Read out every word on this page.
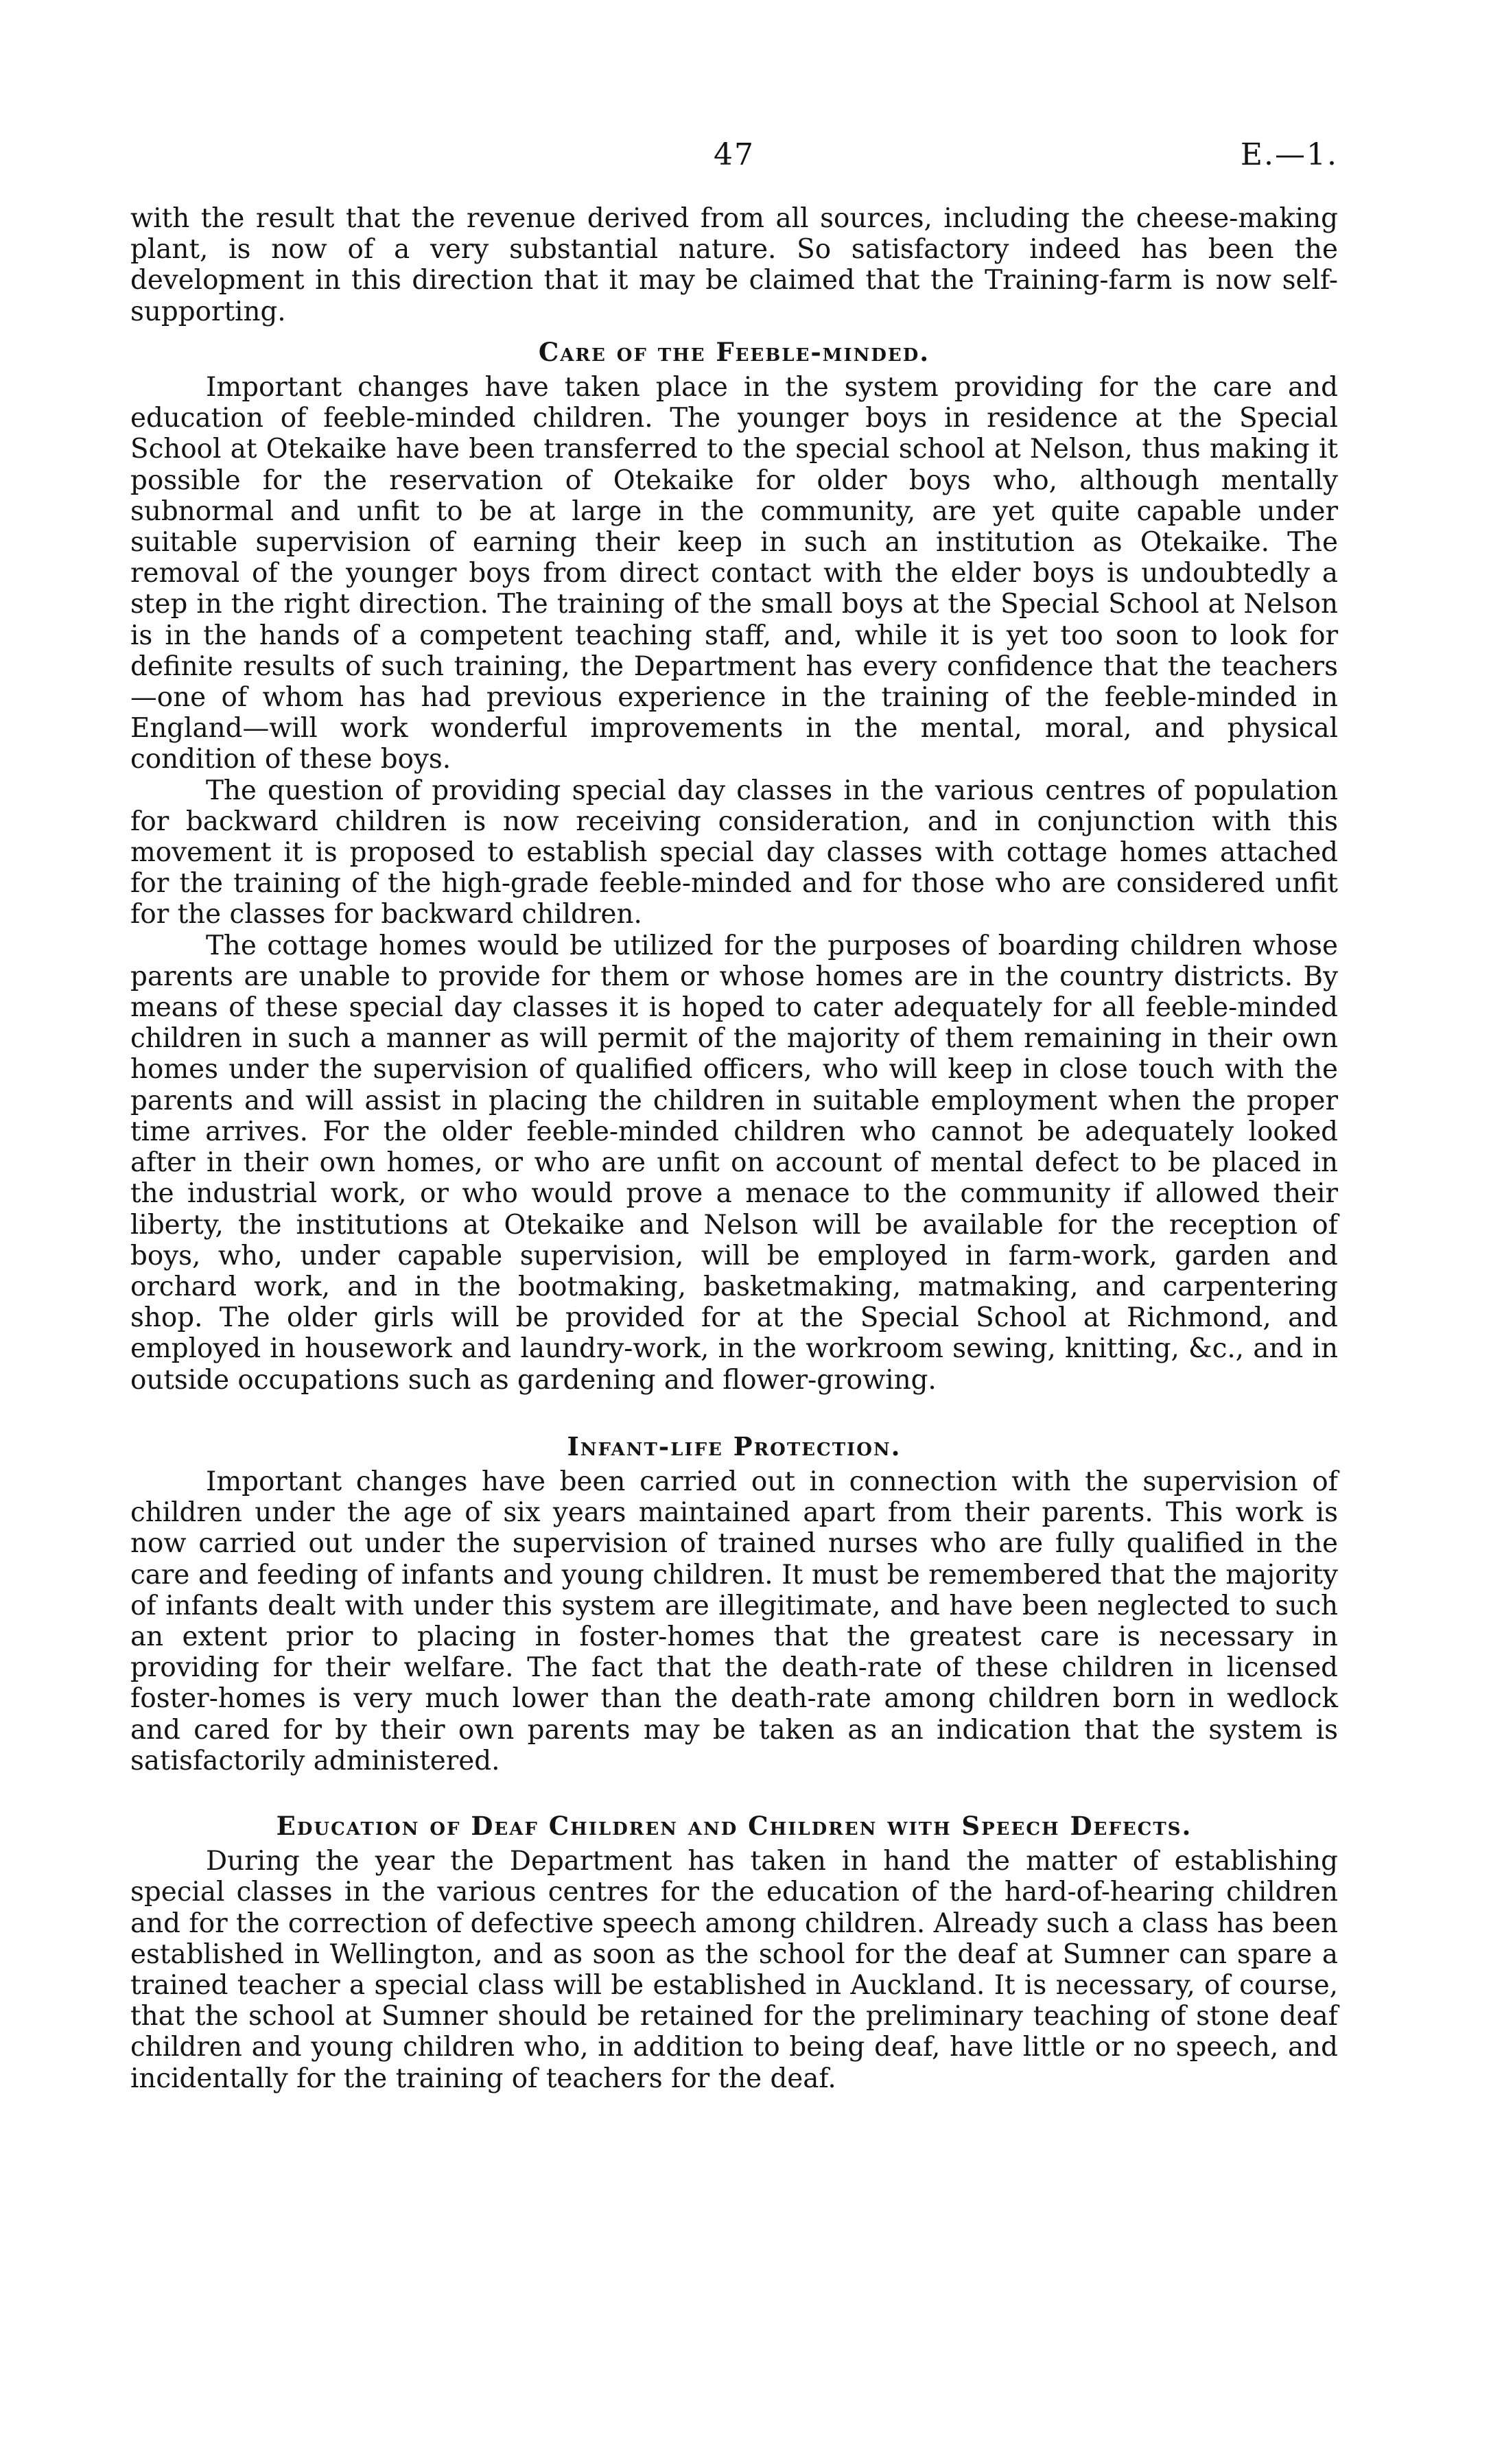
47	E.—1.

with the result that the revenue derived from all sources, including the cheese-making plant, is now of a very substantial nature. So satisfactory indeed has been the development in this direction that it may be claimed that the Training-farm is now self-supporting.

Care of the Feeble-minded.

Important changes have taken place in the system providing for the care and education of feeble-minded children. The younger boys in residence at the Special School at Otekaike have been transferred to the special school at Nelson, thus making it possible for the reservation of Otekaike for older boys who, although mentally subnormal and unfit to be at large in the community, are yet quite capable under suitable supervision of earning their keep in such an institution as Otekaike. The removal of the younger boys from direct contact with the elder boys is undoubtedly a step in the right direction. The training of the small boys at the Special School at Nelson is in the hands of a competent teaching staff, and, while it is yet too soon to look for definite results of such training, the Department has every confidence that the teachers—one of whom has had previous experience in the training of the feeble-minded in England—will work wonderful improvements in the mental, moral, and physical condition of these boys.

The question of providing special day classes in the various centres of population for backward children is now receiving consideration, and in conjunction with this movement it is proposed to establish special day classes with cottage homes attached for the training of the high-grade feeble-minded and for those who are considered unfit for the classes for backward children.

The cottage homes would be utilized for the purposes of boarding children whose parents are unable to provide for them or whose homes are in the country districts. By means of these special day classes it is hoped to cater adequately for all feeble-minded children in such a manner as will permit of the majority of them remaining in their own homes under the supervision of qualified officers, who will keep in close touch with the parents and will assist in placing the children in suitable employment when the proper time arrives. For the older feeble-minded children who cannot be adequately looked after in their own homes, or who are unfit on account of mental defect to be placed in the industrial work, or who would prove a menace to the community if allowed their liberty, the institutions at Otekaike and Nelson will be available for the reception of boys, who, under capable supervision, will be employed in farm-work, garden and orchard work, and in the bootmaking, basketmaking, matmaking, and carpentering shop. The older girls will be provided for at the Special School at Richmond, and employed in housework and laundry-work, in the workroom sewing, knitting, &c., and in outside occupations such as gardening and flower-growing.

Infant-life Protection.

Important changes have been carried out in connection with the supervision of children under the age of six years maintained apart from their parents. This work is now carried out under the supervision of trained nurses who are fully qualified in the care and feeding of infants and young children. It must be remembered that the majority of infants dealt with under this system are illegitimate, and have been neglected to such an extent prior to placing in foster-homes that the greatest care is necessary in providing for their welfare. The fact that the death-rate of these children in licensed foster-homes is very much lower than the death-rate among children born in wedlock and cared for by their own parents may be taken as an indication that the system is satisfactorily administered.

Education of Deaf Children and Children with Speech Defects.

During the year the Department has taken in hand the matter of establishing special classes in the various centres for the education of the hard-of-hearing children and for the correction of defective speech among children. Already such a class has been established in Wellington, and as soon as the school for the deaf at Sumner can spare a trained teacher a special class will be established in Auckland. It is necessary, of course, that the school at Sumner should be retained for the preliminary teaching of stone deaf children and young children who, in addition to being deaf, have little or no speech, and incidentally for the training of teachers for the deaf.
